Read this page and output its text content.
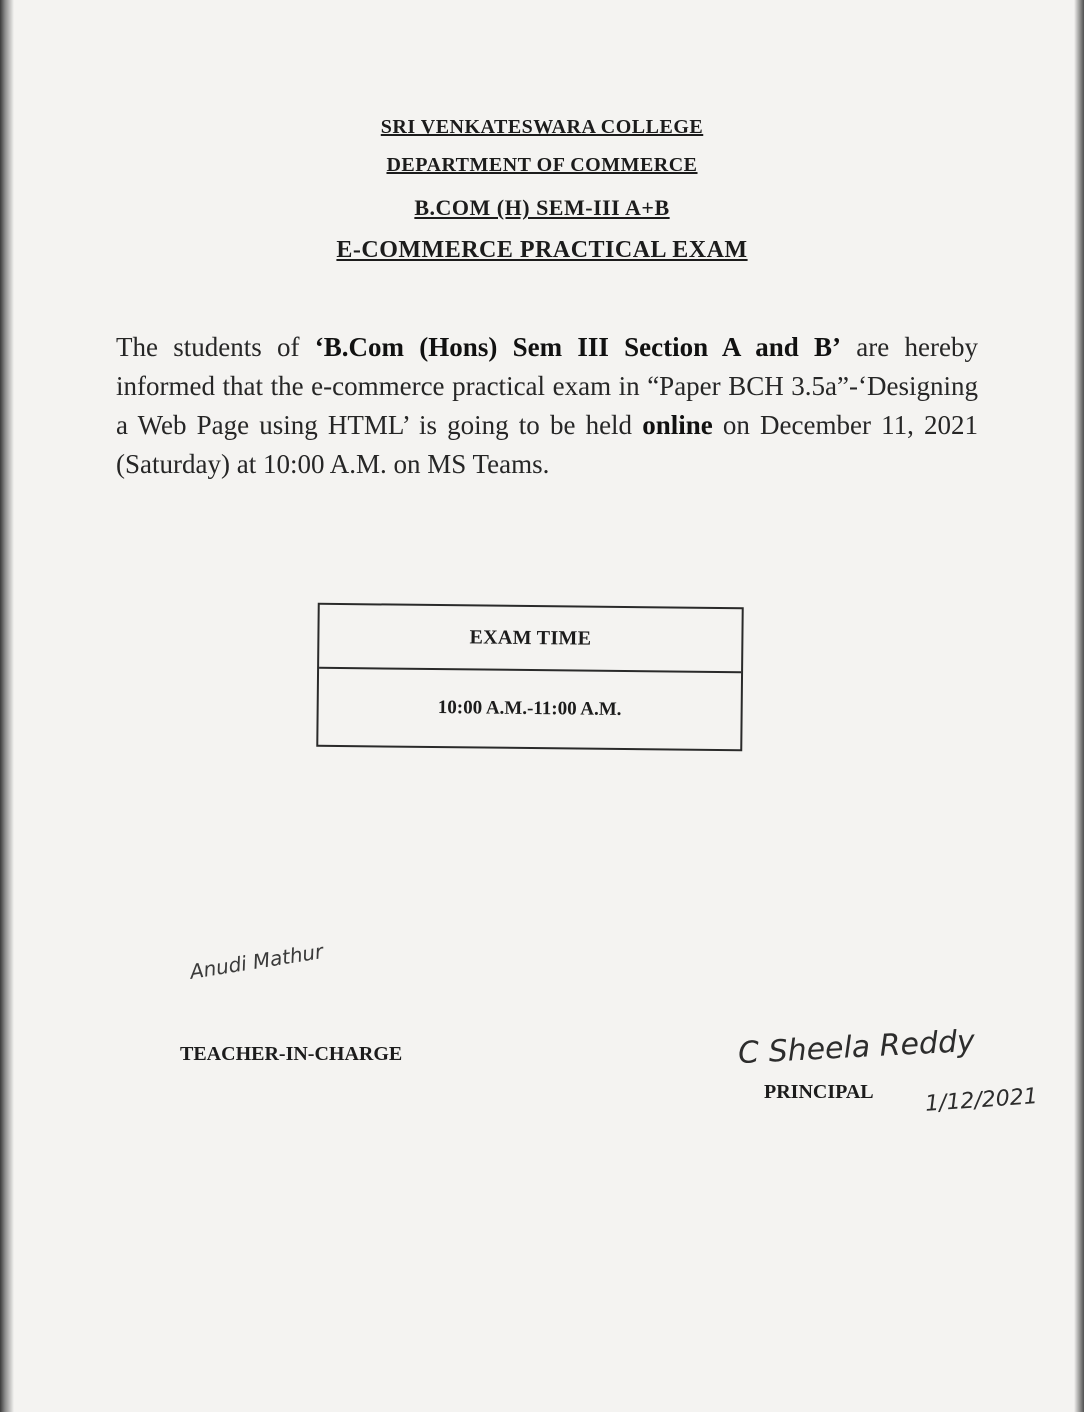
SRI VENKATESWARA COLLEGE
DEPARTMENT OF COMMERCE
B.COM (H) SEM-III A+B
E-COMMERCE PRACTICAL EXAM
The students of ‘B.Com (Hons) Sem III Section A and B’ are hereby informed that the e-commerce practical exam in “Paper BCH 3.5a”-‘Designing a Web Page using HTML’ is going to be held online on December 11, 2021 (Saturday) at 10:00 A.M. on MS Teams.
EXAM TIME
10:00 A.M.-11:00 A.M.
Anudi Mathur
TEACHER-IN-CHARGE	C Sheela Reddy
PRINCIPAL 1/12/2021
